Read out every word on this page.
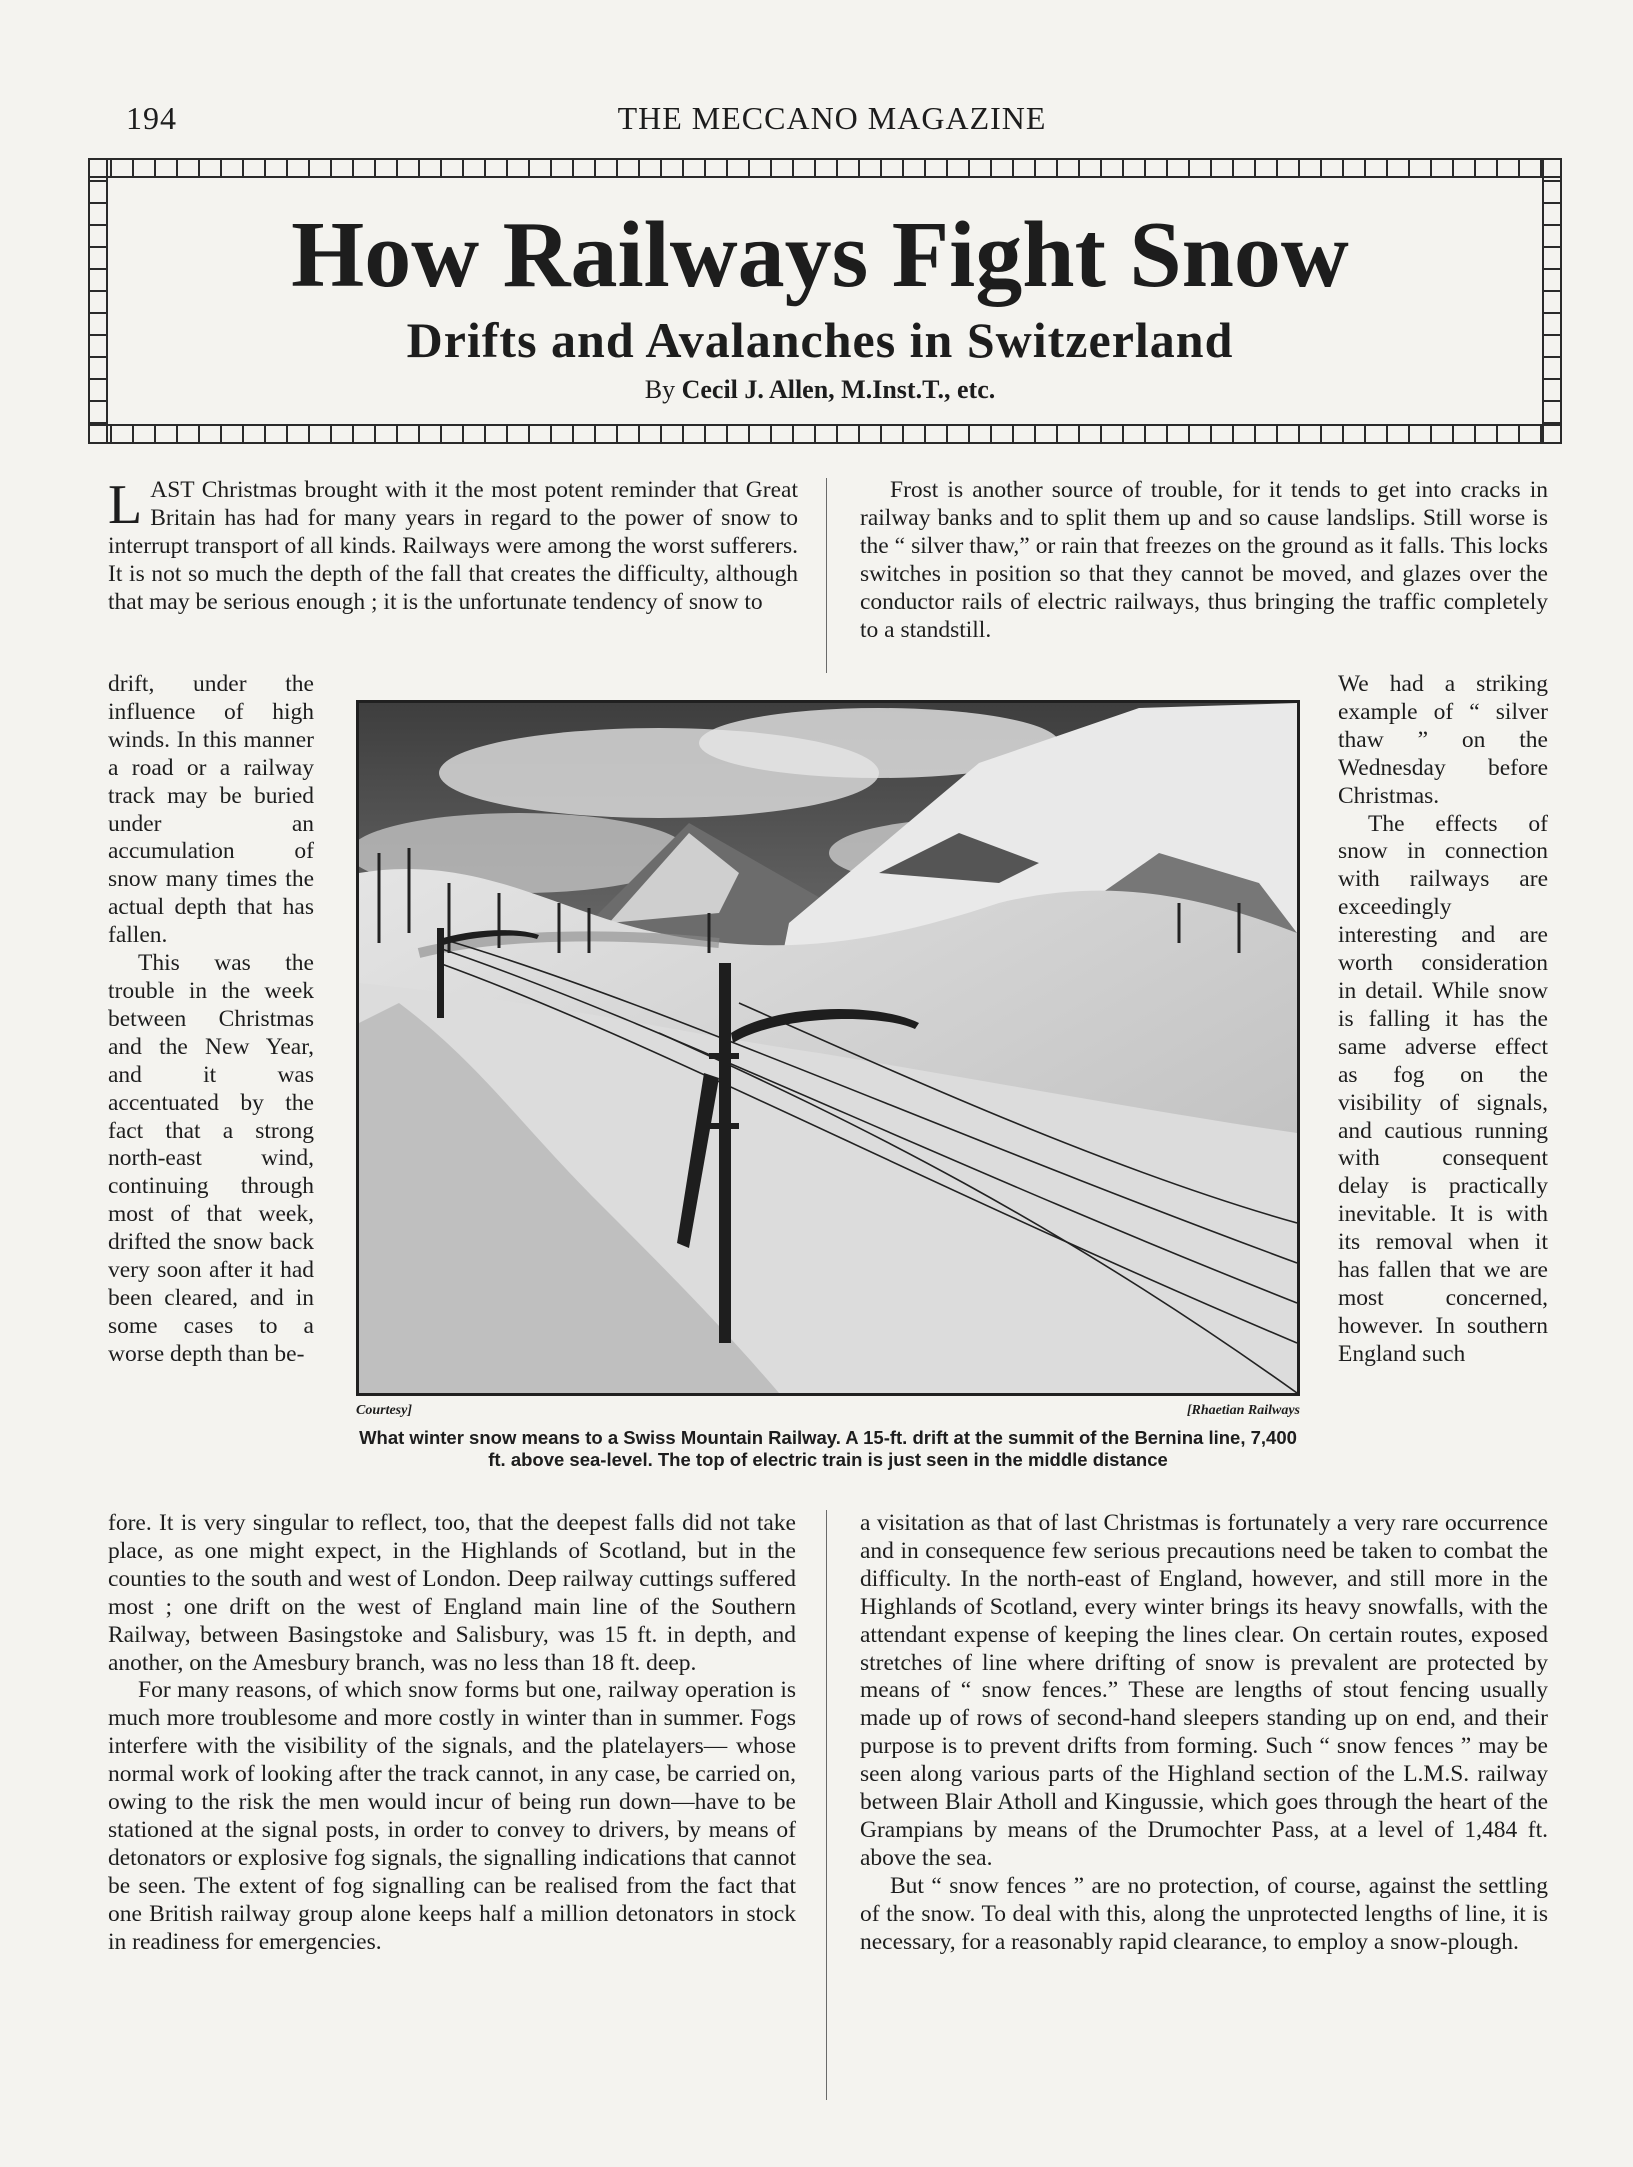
194	THE MECCANO MAGAZINE
How Railways Fight Snow
Drifts and Avalanches in Switzerland
By Cecil J. Allen, M.Inst.T., etc.

LAST Christmas brought with it the most potent reminder that Great Britain has had for many years in regard to the power of snow to interrupt transport of all kinds. Railways were among the worst sufferers. It is not so much the depth of the fall that creates the difficulty, although that may be serious enough ; it is the unfortunate tendency of snow to

drift, under the influence of high winds. In this manner a road or a railway track may be buried under an accumulation of snow many times the actual depth that has fallen.

This was the trouble in the week between Christmas and the New Year, and it was accentuated by the fact that a strong north-east wind, continuing through most of that week, drifted the snow back very soon after it had been cleared, and in some cases to a worse depth than be-

fore. It is very singular to reflect, too, that the deepest falls did not take place, as one might expect, in the Highlands of Scotland, but in the counties to the south and west of London. Deep railway cuttings suffered most ; one drift on the west of England main line of the Southern Railway, between Basingstoke and Salisbury, was 15 ft. in depth, and another, on the Amesbury branch, was no less than 18 ft. deep.

For many reasons, of which snow forms but one, railway operation is much more troublesome and more costly in winter than in summer. Fogs interfere with the visibility of the signals, and the platelayers— whose normal work of looking after the track cannot, in any case, be carried on, owing to the risk the men would incur of being run down—have to be stationed at the signal posts, in order to convey to drivers, by means of detonators or explosive fog signals, the signalling indications that cannot be seen. The extent of fog signalling can be realised from the fact that one British railway group alone keeps half a million detonators in stock in readiness for emergencies.

Frost is another source of trouble, for it tends to get into cracks in railway banks and to split them up and so cause landslips. Still worse is the “ silver thaw,” or rain that freezes on the ground as it falls. This locks switches in position so that they cannot be moved, and glazes over the conductor rails of electric railways, thus bringing the traffic completely to a standstill.

We had a striking example of “ silver thaw ” on the Wednesday before Christmas.

The effects of snow in connection with railways are exceedingly interesting and are worth consideration in detail. While snow is falling it has the same adverse effect as fog on the visibility of signals, and cautious running with consequent delay is practically inevitable. It is with its removal when it has fallen that we are most concerned, however. In southern England such

a visitation as that of last Christmas is fortunately a very rare occurrence and in consequence few serious precautions need be taken to combat the difficulty. In the north-east of England, however, and still more in the Highlands of Scotland, every winter brings its heavy snowfalls, with the attendant expense of keeping the lines clear. On certain routes, exposed stretches of line where drifting of snow is prevalent are protected by means of “ snow fences.” These are lengths of stout fencing usually made up of rows of second-hand sleepers standing up on end, and their purpose is to prevent drifts from forming. Such “ snow fences ” may be seen along various parts of the Highland section of the L.M.S. railway between Blair Atholl and Kingussie, which goes through the heart of the Grampians by means of the Drumochter Pass, at a level of 1,484 ft. above the sea.

But “ snow fences ” are no protection, of course, against the settling of the snow. To deal with this, along the unprotected lengths of line, it is necessary, for a reasonably rapid clearance, to employ a snow-plough.

Courtesy]	[Rhaetian Railways
What winter snow means to a Swiss Mountain Railway. A 15-ft. drift at the summit of the Bernina line, 7,400 ft. above sea-level. The top of electric train is just seen in the middle distance
